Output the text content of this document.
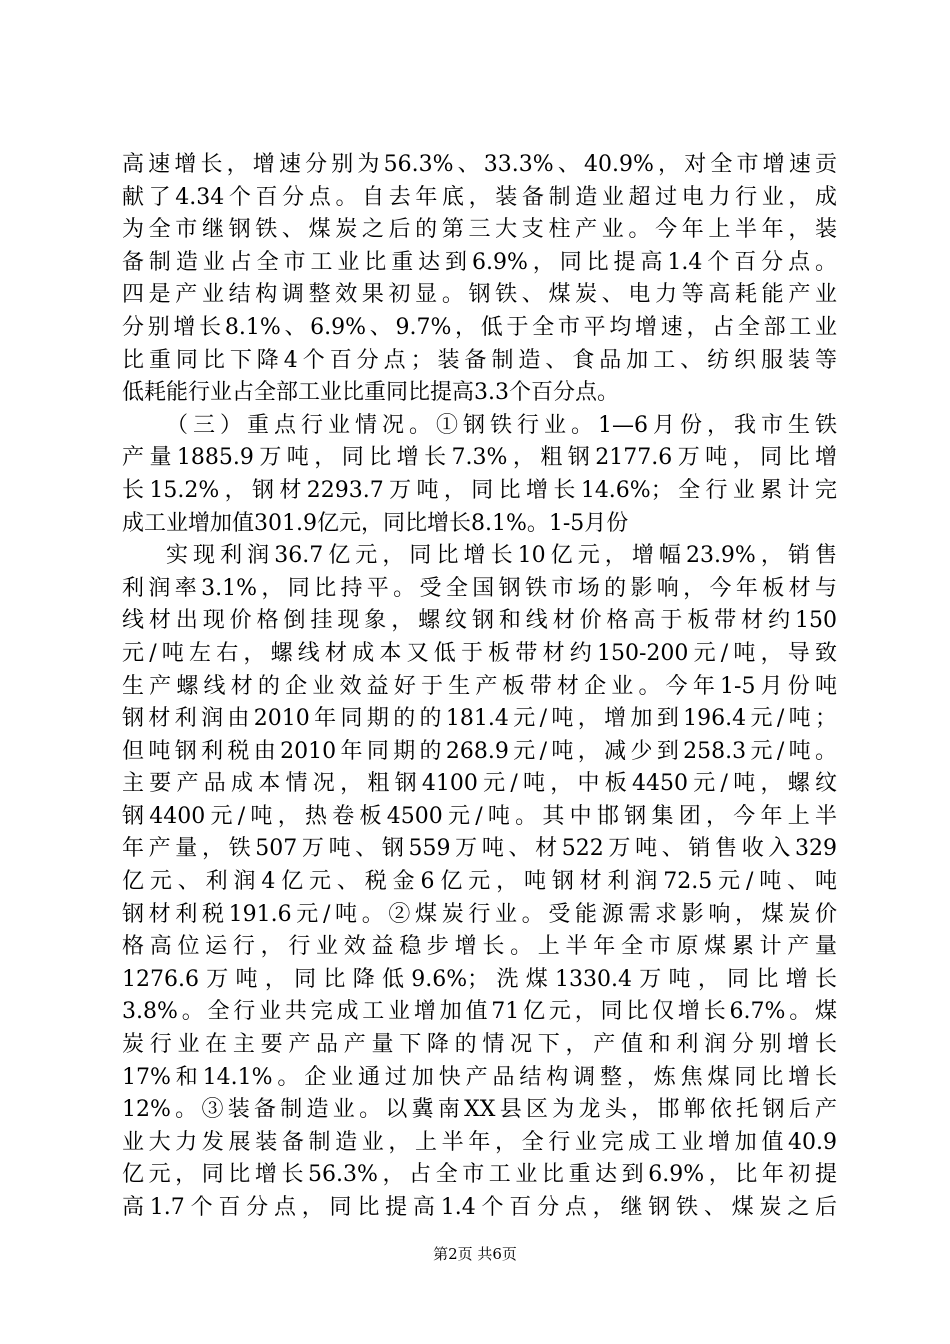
高速增长，增速分别为56.3%、33.3%、40.9%，对全市增速贡
献了4.34个百分点。自去年底，装备制造业超过电力行业，成
为全市继钢铁、煤炭之后的第三大支柱产业。今年上半年，装
备制造业占全市工业比重达到6.9%，同比提高1.4个百分点。
四是产业结构调整效果初显。钢铁、煤炭、电力等高耗能产业
分别增长8.1%、6.9%、9.7%，低于全市平均增速，占全部工业
比重同比下降4个百分点；装备制造、食品加工、纺织服装等
低耗能行业占全部工业比重同比提高3.3个百分点。
（三）重点行业情况。①钢铁行业。1—6月份，我市生铁
产量1885.9万吨，同比增长7.3%，粗钢2177.6万吨，同比增
长15.2%，钢材2293.7万吨，同比增长14.6%；全行业累计完
成工业增加值301.9亿元，同比增长8.1%。1-5月份
实现利润36.7亿元，同比增长10亿元，增幅23.9%，销售
利润率3.1%，同比持平。受全国钢铁市场的影响，今年板材与
线材出现价格倒挂现象，螺纹钢和线材价格高于板带材约150
元/吨左右，螺线材成本又低于板带材约150-200元/吨，导致
生产螺线材的企业效益好于生产板带材企业。今年1-5月份吨
钢材利润由2010年同期的的181.4元/吨，增加到196.4元/吨；
但吨钢利税由2010年同期的268.9元/吨，减少到258.3元/吨。
主要产品成本情况，粗钢4100元/吨，中板4450元/吨，螺纹
钢4400元/吨，热卷板4500元/吨。其中邯钢集团，今年上半
年产量，铁507万吨、钢559万吨、材522万吨、销售收入329
亿元、利润4亿元、税金6亿元，吨钢材利润72.5元/吨、吨
钢材利税191.6元/吨。②煤炭行业。受能源需求影响，煤炭价
格高位运行，行业效益稳步增长。上半年全市原煤累计产量
1276.6万吨，同比降低9.6%；洗煤1330.4万吨，同比增长
3.8%。全行业共完成工业增加值71亿元，同比仅增长6.7%。煤
炭行业在主要产品产量下降的情况下，产值和利润分别增长
17%和14.1%。企业通过加快产品结构调整，炼焦煤同比增长
12%。③装备制造业。以冀南XX县区为龙头，邯郸依托钢后产
业大力发展装备制造业，上半年，全行业完成工业增加值40.9
亿元，同比增长56.3%，占全市工业比重达到6.9%，比年初提
高1.7个百分点，同比提高1.4个百分点，继钢铁、煤炭之后
第2页 共6页
